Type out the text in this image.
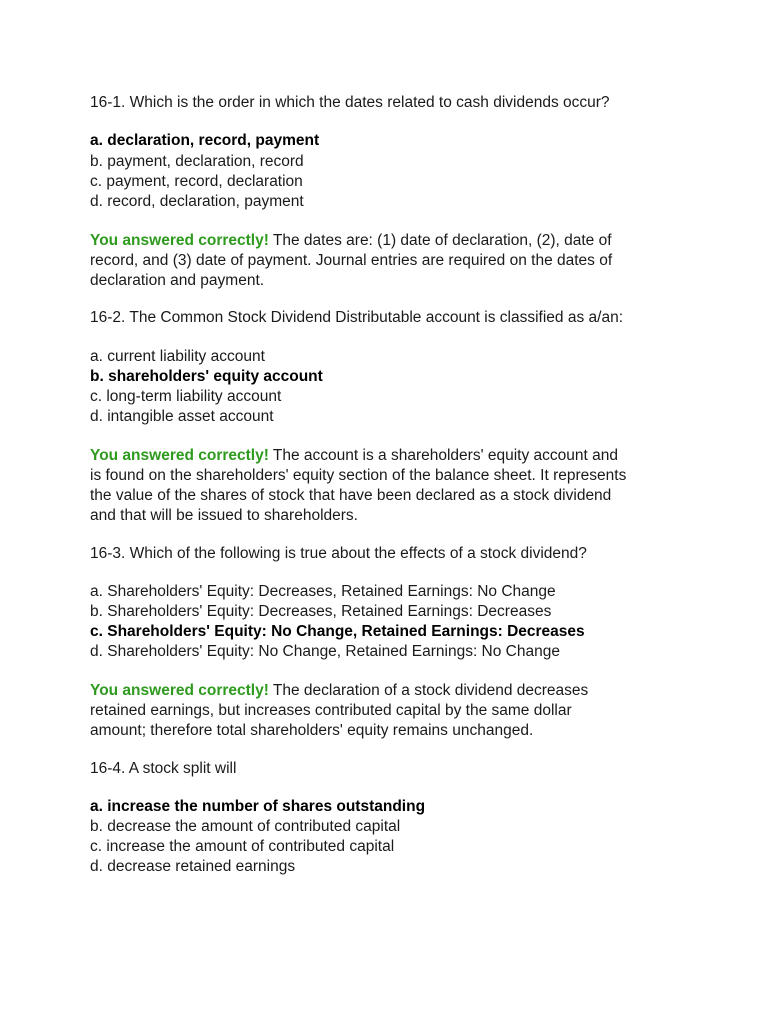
16-1. Which is the order in which the dates related to cash dividends occur?
a. declaration, record, payment
b. payment, declaration, record
c. payment, record, declaration
d. record, declaration, payment
You answered correctly! The dates are: (1) date of declaration, (2), date of
record, and (3) date of payment. Journal entries are required on the dates of
declaration and payment.
16-2. The Common Stock Dividend Distributable account is classified as a/an:
a. current liability account
b. shareholders' equity account
c. long-term liability account
d. intangible asset account
You answered correctly! The account is a shareholders' equity account and
is found on the shareholders' equity section of the balance sheet. It represents
the value of the shares of stock that have been declared as a stock dividend
and that will be issued to shareholders.
16-3. Which of the following is true about the effects of a stock dividend?
a. Shareholders' Equity: Decreases, Retained Earnings: No Change
b. Shareholders' Equity: Decreases, Retained Earnings: Decreases
c. Shareholders' Equity: No Change, Retained Earnings: Decreases
d. Shareholders' Equity: No Change, Retained Earnings: No Change
You answered correctly! The declaration of a stock dividend decreases
retained earnings, but increases contributed capital by the same dollar
amount; therefore total shareholders' equity remains unchanged.
16-4. A stock split will
a. increase the number of shares outstanding
b. decrease the amount of contributed capital
c. increase the amount of contributed capital
d. decrease retained earnings
